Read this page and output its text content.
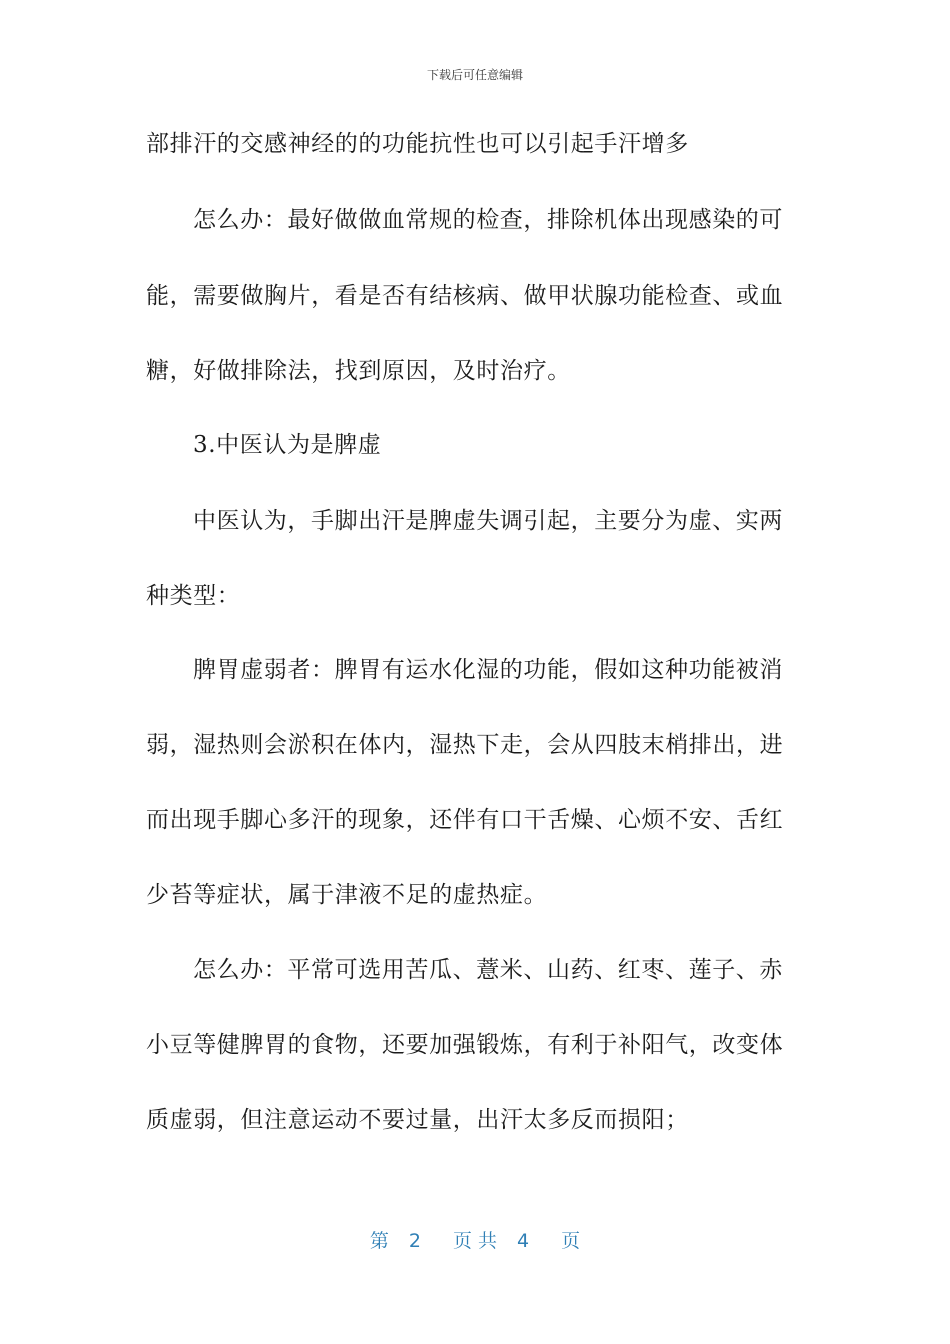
下载后可任意编辑
部排汗的交感神经的的功能抗性也可以引起手汗增多
怎么办：最好做做血常规的检查，排除机体出现感染的可
能，需要做胸片，看是否有结核病、做甲状腺功能检查、或血
糖，好做排除法，找到原因，及时治疗。
3.中医认为是脾虚
中医认为，手脚出汗是脾虚失调引起，主要分为虚、实两
种类型：
脾胃虚弱者：脾胃有运水化湿的功能，假如这种功能被消
弱，湿热则会淤积在体内，湿热下走，会从四肢末梢排出，进
而出现手脚心多汗的现象，还伴有口干舌燥、心烦不安、舌红
少苔等症状，属于津液不足的虚热症。
怎么办：平常可选用苦瓜、薏米、山药、红枣、莲子、赤
小豆等健脾胃的食物，还要加强锻炼，有利于补阳气，改变体
质虚弱，但注意运动不要过量，出汗太多反而损阳；
第 2 页 共 4 页
